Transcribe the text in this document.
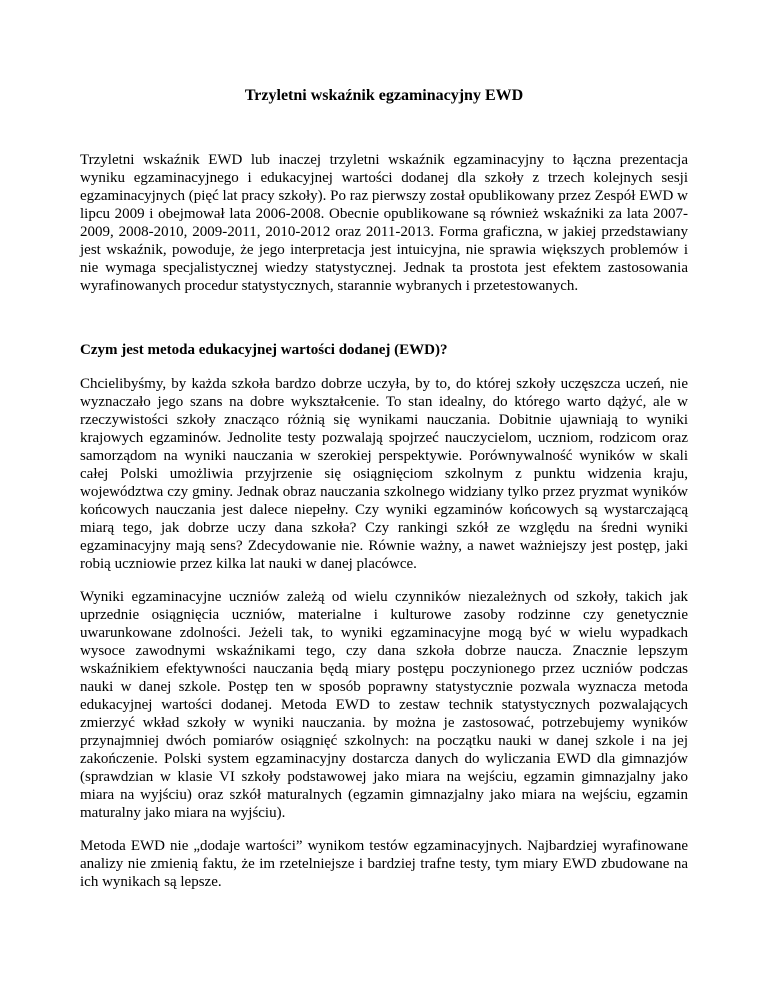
Trzyletni wskaźnik egzaminacyjny EWD

Trzyletni wskaźnik EWD lub inaczej trzyletni wskaźnik egzaminacyjny to łączna prezentacja wyniku egzaminacyjnego i edukacyjnej wartości dodanej dla szkoły z trzech kolejnych sesji egzaminacyjnych (pięć lat pracy szkoły). Po raz pierwszy został opublikowany przez Zespół EWD w lipcu 2009 i obejmował lata 2006-2008. Obecnie opublikowane są również wskaźniki za lata 2007-2009, 2008-2010, 2009-2011, 2010-2012 oraz 2011-2013. Forma graficzna, w jakiej przedstawiany jest wskaźnik, powoduje, że jego interpretacja jest intuicyjna, nie sprawia większych problemów i nie wymaga specjalistycznej wiedzy statystycznej. Jednak ta prostota jest efektem zastosowania wyrafinowanych procedur statystycznych, starannie wybranych i przetestowanych.

Czym jest metoda edukacyjnej wartości dodanej (EWD)?

Chcielibyśmy, by każda szkoła bardzo dobrze uczyła, by to, do której szkoły uczęszcza uczeń, nie wyznaczało jego szans na dobre wykształcenie. To stan idealny, do którego warto dążyć, ale w rzeczywistości szkoły znacząco różnią się wynikami nauczania. Dobitnie ujawniają to wyniki krajowych egzaminów. Jednolite testy pozwalają spojrzeć nauczycielom, uczniom, rodzicom oraz samorządom na wyniki nauczania w szerokiej perspektywie. Porównywalność wyników w skali całej Polski umożliwia przyjrzenie się osiągnięciom szkolnym z punktu widzenia kraju, województwa czy gminy. Jednak obraz nauczania szkolnego widziany tylko przez pryzmat wyników końcowych nauczania jest dalece niepełny. Czy wyniki egzaminów końcowych są wystarczającą miarą tego, jak dobrze uczy dana szkoła? Czy rankingi szkół ze względu na średni wyniki egzaminacyjny mają sens? Zdecydowanie nie. Równie ważny, a nawet ważniejszy jest postęp, jaki robią uczniowie przez kilka lat nauki w danej placówce.

Wyniki egzaminacyjne uczniów zależą od wielu czynników niezależnych od szkoły, takich jak uprzednie osiągnięcia uczniów, materialne i kulturowe zasoby rodzinne czy genetycznie uwarunkowane zdolności. Jeżeli tak, to wyniki egzaminacyjne mogą być w wielu wypadkach wysoce zawodnymi wskaźnikami tego, czy dana szkoła dobrze naucza. Znacznie lepszym wskaźnikiem efektywności nauczania będą miary postępu poczynionego przez uczniów podczas nauki w danej szkole. Postęp ten w sposób poprawny statystycznie pozwala wyznacza metoda edukacyjnej wartości dodanej. Metoda EWD to zestaw technik statystycznych pozwalających zmierzyć wkład szkoły w wyniki nauczania. by można je zastosować, potrzebujemy wyników przynajmniej dwóch pomiarów osiągnięć szkolnych: na początku nauki w danej szkole i na jej zakończenie. Polski system egzaminacyjny dostarcza danych do wyliczania EWD dla gimnazjów (sprawdzian w klasie VI szkoły podstawowej jako miara na wejściu, egzamin gimnazjalny jako miara na wyjściu) oraz szkół maturalnych (egzamin gimnazjalny jako miara na wejściu, egzamin maturalny jako miara na wyjściu).

Metoda EWD nie „dodaje wartości” wynikom testów egzaminacyjnych. Najbardziej wyrafinowane analizy nie zmienią faktu, że im rzetelniejsze i bardziej trafne testy, tym miary EWD zbudowane na ich wynikach są lepsze.
